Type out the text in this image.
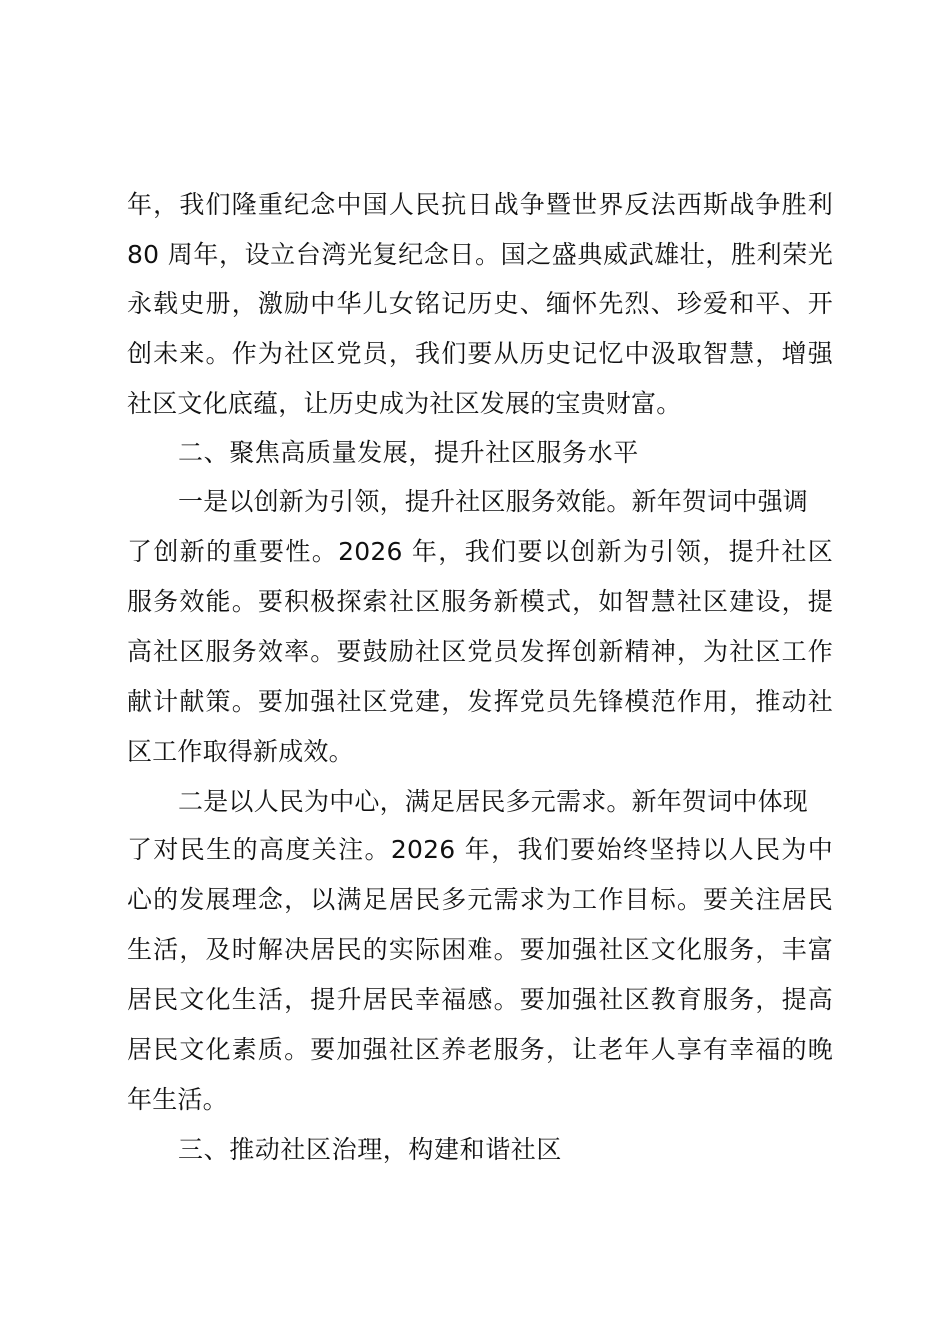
年，我们隆重纪念中国人民抗日战争暨世界反法西斯战争胜利
80 周年，设立台湾光复纪念日。国之盛典威武雄壮，胜利荣光
永载史册，激励中华儿女铭记历史、缅怀先烈、珍爱和平、开
创未来。作为社区党员，我们要从历史记忆中汲取智慧，增强
社区文化底蕴，让历史成为社区发展的宝贵财富。
二、聚焦高质量发展，提升社区服务水平
一是以创新为引领，提升社区服务效能。新年贺词中强调
了创新的重要性。2026 年，我们要以创新为引领，提升社区
服务效能。要积极探索社区服务新模式，如智慧社区建设，提
高社区服务效率。要鼓励社区党员发挥创新精神，为社区工作
献计献策。要加强社区党建，发挥党员先锋模范作用，推动社
区工作取得新成效。
二是以人民为中心，满足居民多元需求。新年贺词中体现
了对民生的高度关注。2026 年，我们要始终坚持以人民为中
心的发展理念，以满足居民多元需求为工作目标。要关注居民
生活，及时解决居民的实际困难。要加强社区文化服务，丰富
居民文化生活，提升居民幸福感。要加强社区教育服务，提高
居民文化素质。要加强社区养老服务，让老年人享有幸福的晚
年生活。
三、推动社区治理，构建和谐社区
